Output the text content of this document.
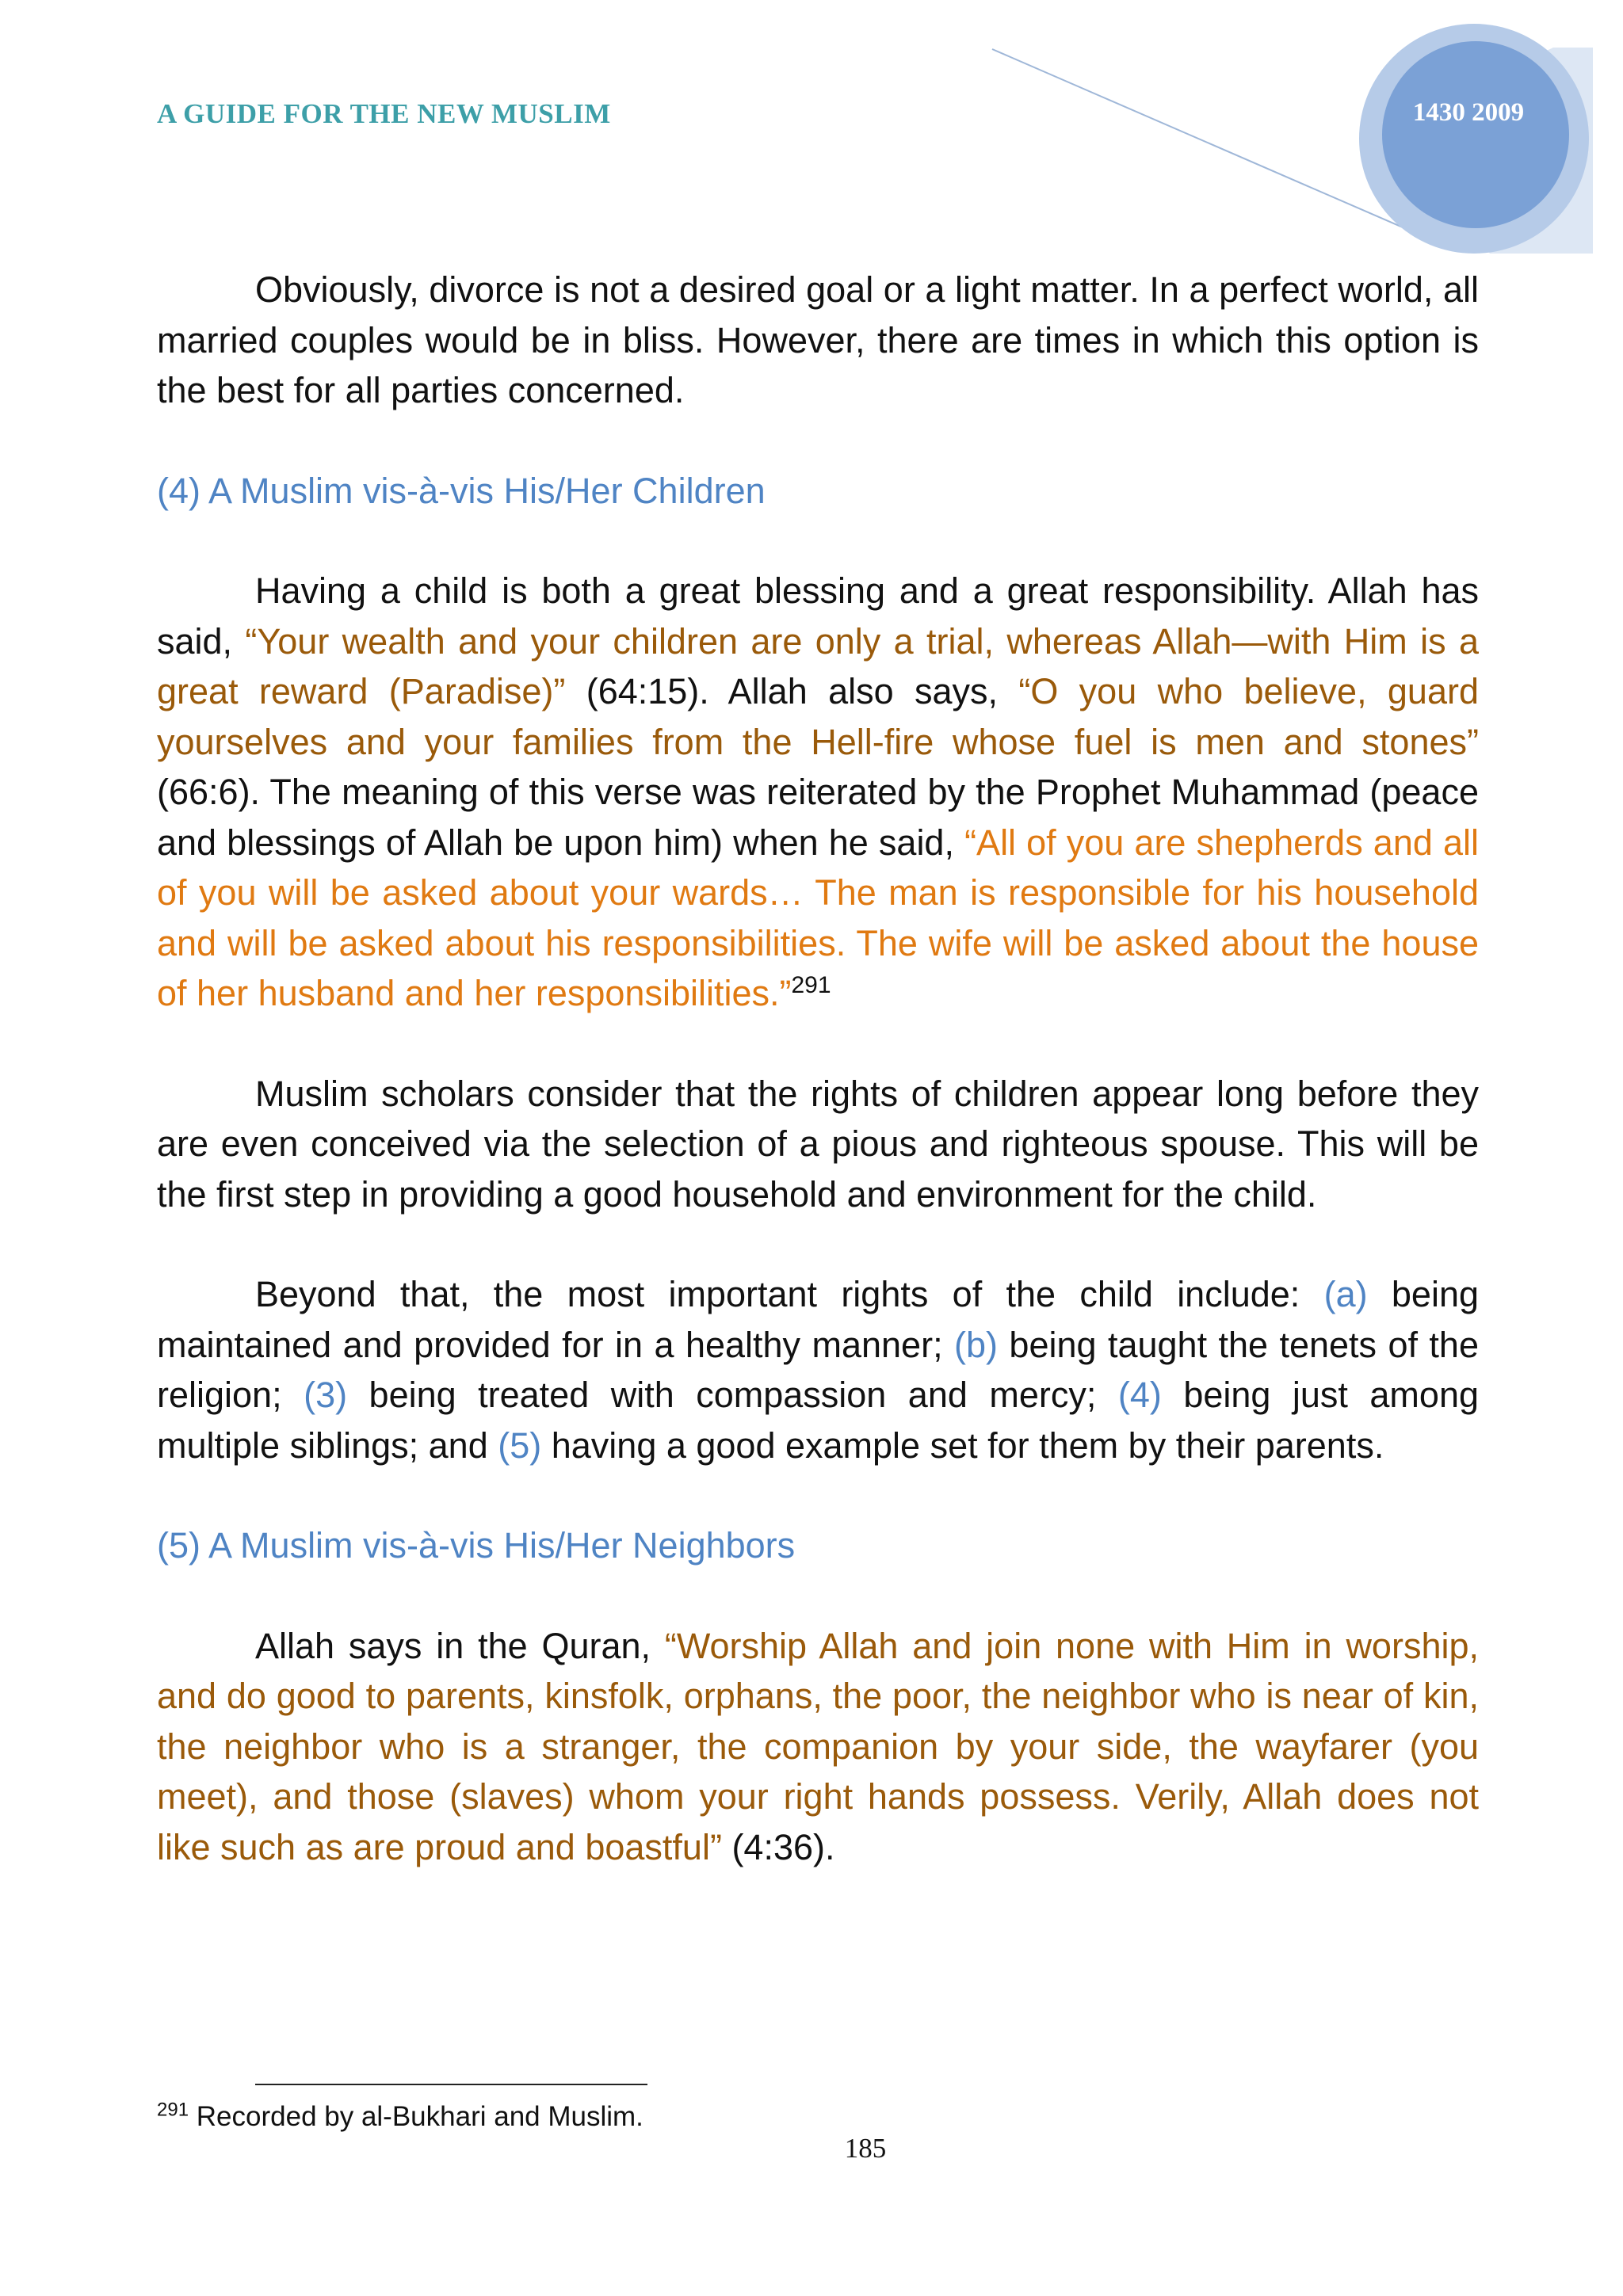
A GUIDE FOR THE NEW MUSLIM	1430 2009

Obviously, divorce is not a desired goal or a light matter. In a perfect world, all married couples would be in bliss. However, there are times in which this option is the best for all parties concerned.

(4) A Muslim vis-à-vis His/Her Children

Having a child is both a great blessing and a great responsibility. Allah has said, “Your wealth and your children are only a trial, whereas Allah—with Him is a great reward (Paradise)” (64:15). Allah also says, “O you who believe, guard yourselves and your families from the Hell-fire whose fuel is men and stones” (66:6). The meaning of this verse was reiterated by the Prophet Muhammad (peace and blessings of Allah be upon him) when he said, “All of you are shepherds and all of you will be asked about your wards… The man is responsible for his household and will be asked about his responsibilities. The wife will be asked about the house of her husband and her responsibilities.”$^{291}$

Muslim scholars consider that the rights of children appear long before they are even conceived via the selection of a pious and righteous spouse. This will be the first step in providing a good household and environment for the child.

Beyond that, the most important rights of the child include: (a) being maintained and provided for in a healthy manner; (b) being taught the tenets of the religion; (3) being treated with compassion and mercy; (4) being just among multiple siblings; and (5) having a good example set for them by their parents.

(5) A Muslim vis-à-vis His/Her Neighbors

Allah says in the Quran, “Worship Allah and join none with Him in worship, and do good to parents, kinsfolk, orphans, the poor, the neighbor who is near of kin, the neighbor who is a stranger, the companion by your side, the wayfarer (you meet), and those (slaves) whom your right hands possess. Verily, Allah does not like such as are proud and boastful” (4:36).

$^{291}$ Recorded by al-Bukhari and Muslim.
185
